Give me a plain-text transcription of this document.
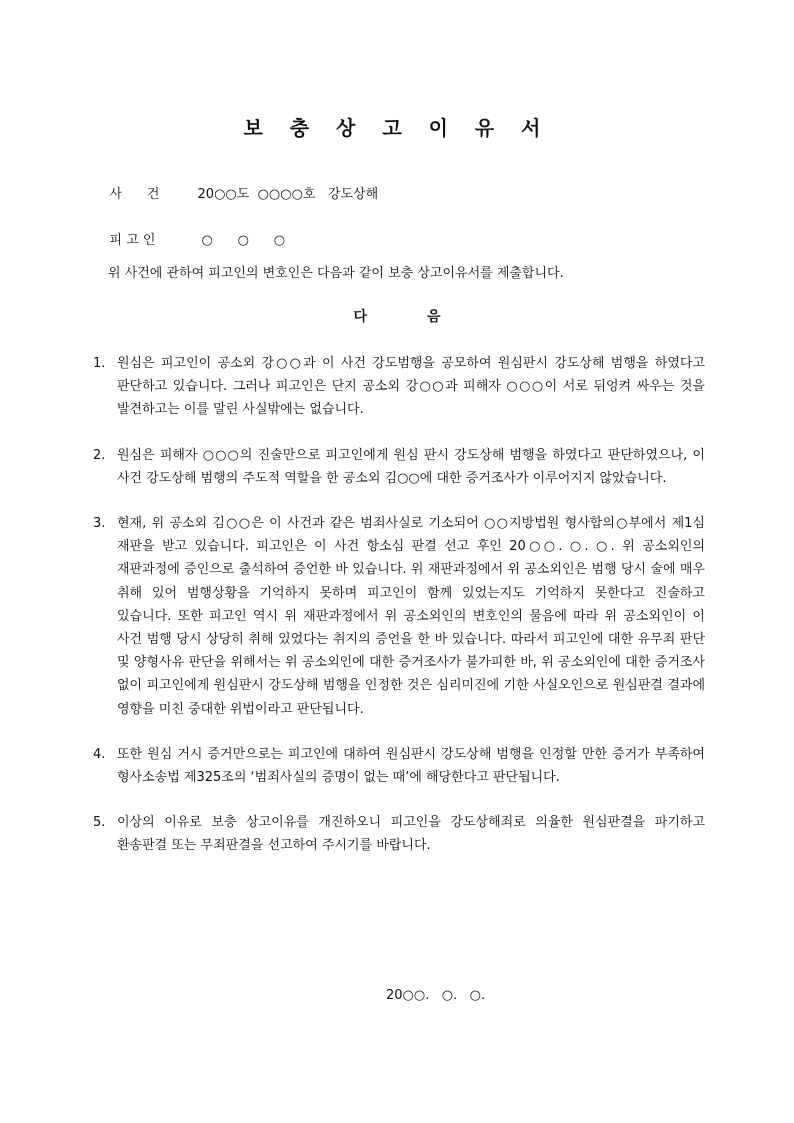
보 충 상 고 이 유 서

사      건	20○○도  ○○○○호   강도상해

피 고 인	○      ○      ○

위 사건에 관하여 피고인의 변호인은 다음과 같이 보충 상고이유서를 제출합니다.
다	음
1. 원심은 피고인이 공소외 강○○과 이 사건 강도범행을 공모하여 원심판시 강도상해 범행을 하였다고 판단하고 있습니다. 그러나 피고인은 단지 공소외 강○○과 피해자 ○○○이 서로 뒤엉켜 싸우는 것을 발견하고는 이를 말린 사실밖에는 없습니다.
2. 원심은 피해자 ○○○의 진술만으로 피고인에게 원심 판시 강도상해 범행을 하였다고 판단하였으나, 이 사건 강도상해 범행의 주도적 역할을 한 공소외 김○○에 대한 증거조사가 이루어지지 않았습니다.
3. 현재, 위 공소외 김○○은 이 사건과 같은 범죄사실로 기소되어 ○○지방법원 형사합의○부에서 제1심 재판을 받고 있습니다. 피고인은 이 사건 항소심 판결 선고 후인 20○○. ○. ○. 위 공소외인의 재판과정에 증인으로 출석하여 증언한 바 있습니다. 위 재판과정에서 위 공소외인은 범행 당시 술에 매우 취해 있어 범행상황을 기억하지 못하며 피고인이 함께 있었는지도 기억하지 못한다고 진술하고 있습니다. 또한 피고인 역시 위 재판과정에서 위 공소외인의 변호인의 물음에 따라 위 공소외인이 이 사건 범행 당시 상당히 취해 있었다는 취지의 증언을 한 바 있습니다. 따라서 피고인에 대한 유무죄 판단 및 양형사유 판단을 위해서는 위 공소외인에 대한 증거조사가 불가피한 바, 위 공소외인에 대한 증거조사 없이 피고인에게 원심판시 강도상해 범행을 인정한 것은 심리미진에 기한 사실오인으로 원심판결 결과에 영향을 미친 중대한 위법이라고 판단됩니다.
4. 또한 원심 거시 증거만으로는 피고인에 대하여 원심판시 강도상해 범행을 인정할 만한 증거가 부족하여 형사소송법 제325조의 ‘범죄사실의 증명이 없는 때’에 해당한다고 판단됩니다.
5. 이상의 이유로 보충 상고이유를 개진하오니 피고인을 강도상해죄로 의율한 원심판결을 파기하고 환송판결 또는 무죄판결을 선고하여 주시기를 바랍니다.
20○○.   ○.   ○.
